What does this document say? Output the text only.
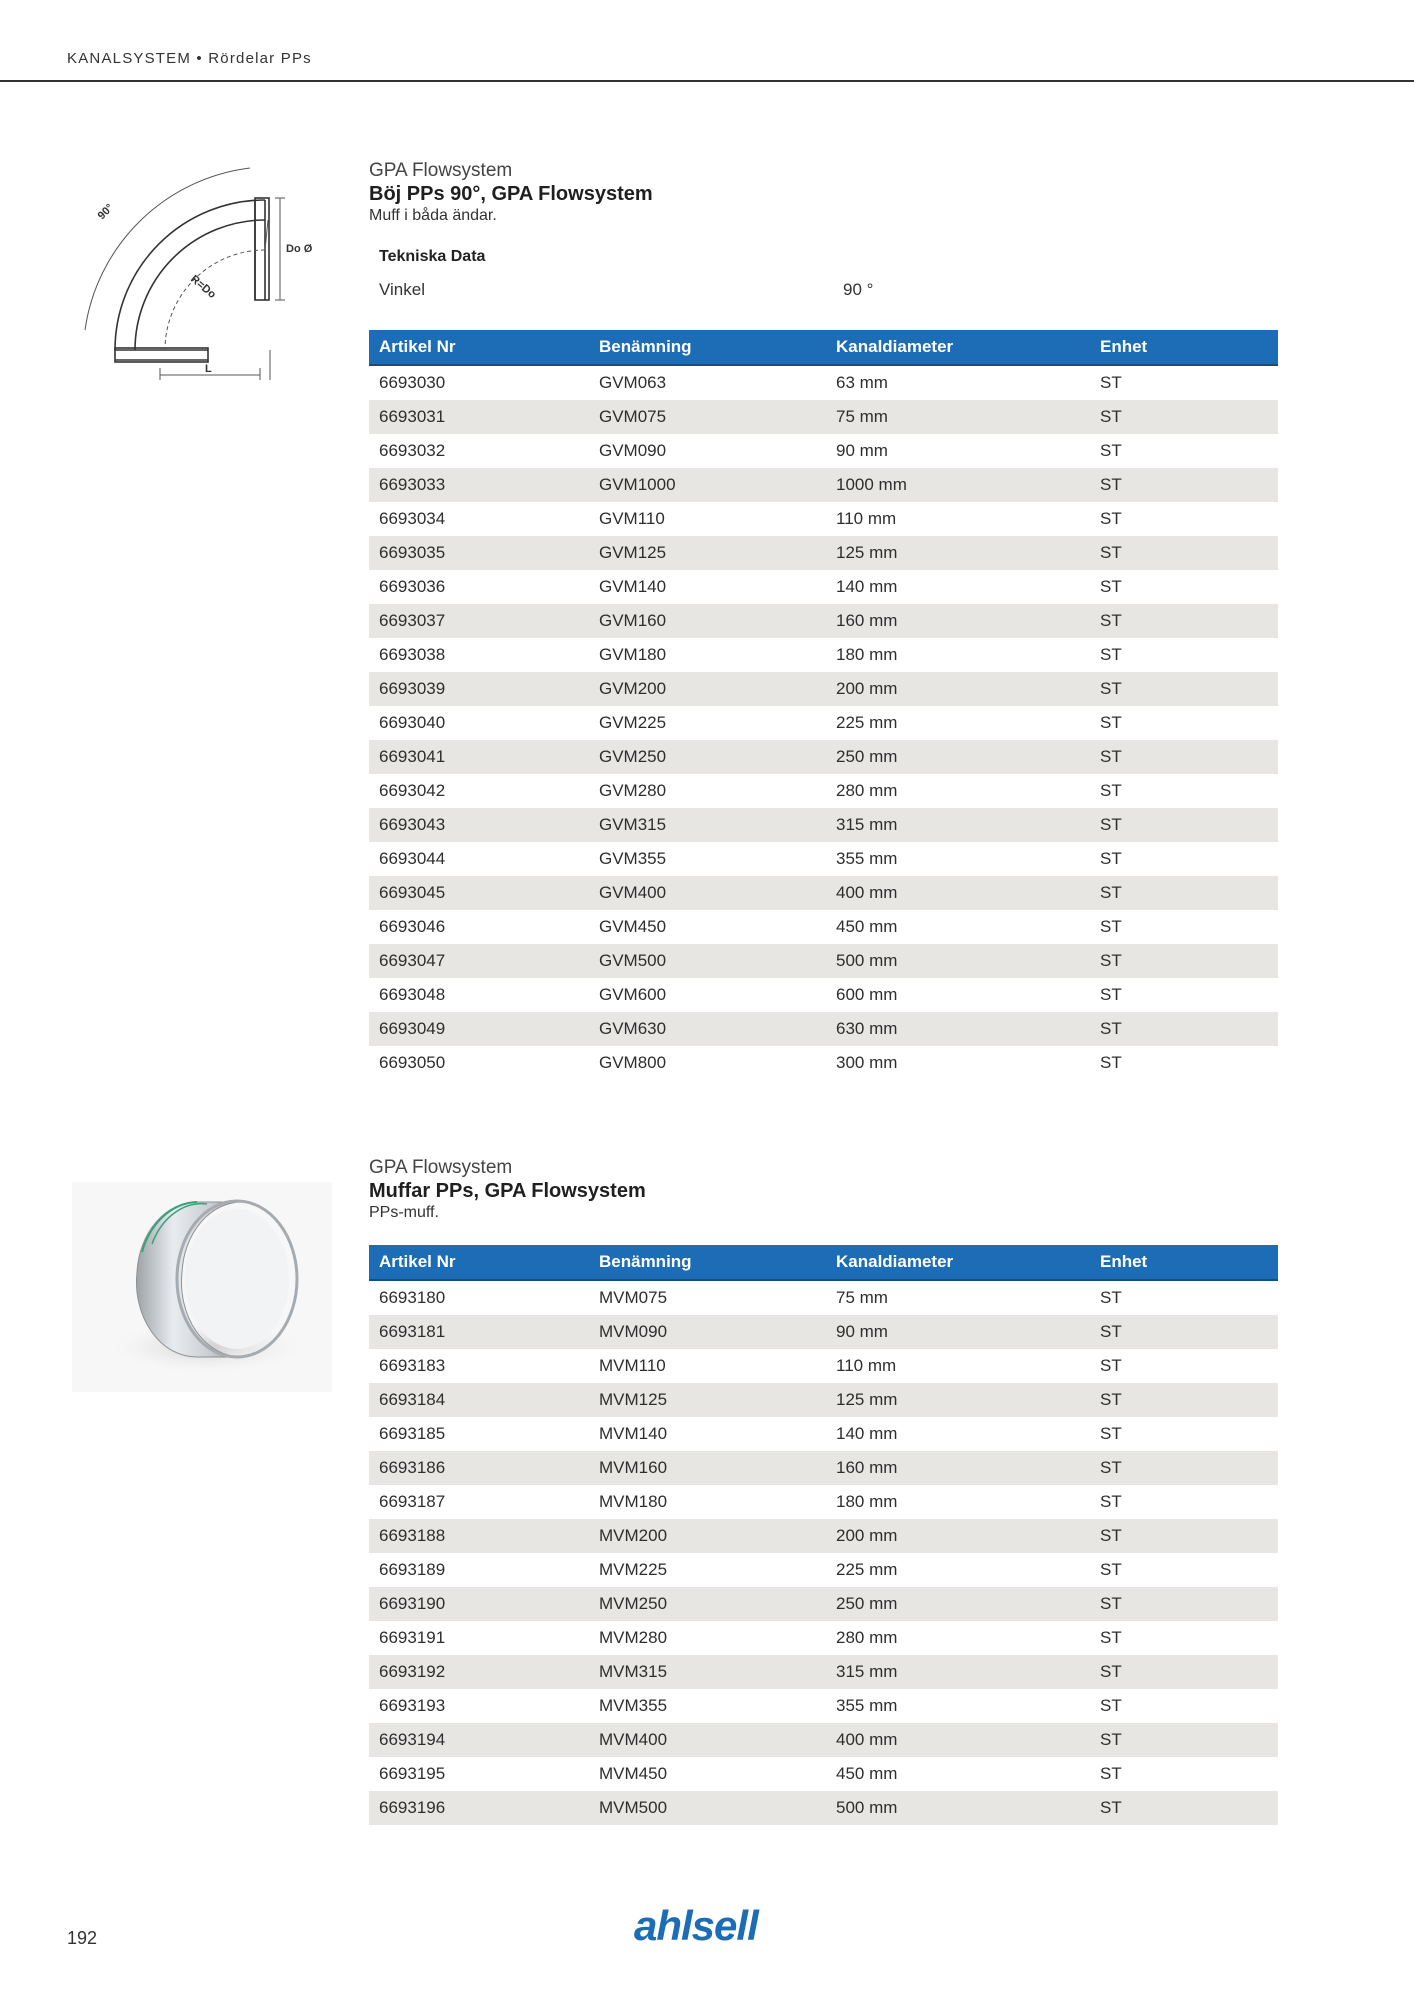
KANALSYSTEM • Rördelar PPs
90°
Do Ø
R=Do
L
GPA Flowsystem
Böj PPs 90°, GPA Flowsystem
Muff i båda ändar.
Tekniska Data
Vinkel	90 °
Artikel Nr	Benämning	Kanaldiameter	Enhet
6693030	GVM063	63 mm	ST
6693031	GVM075	75 mm	ST
6693032	GVM090	90 mm	ST
6693033	GVM1000	1000 mm	ST
6693034	GVM110	110 mm	ST
6693035	GVM125	125 mm	ST
6693036	GVM140	140 mm	ST
6693037	GVM160	160 mm	ST
6693038	GVM180	180 mm	ST
6693039	GVM200	200 mm	ST
6693040	GVM225	225 mm	ST
6693041	GVM250	250 mm	ST
6693042	GVM280	280 mm	ST
6693043	GVM315	315 mm	ST
6693044	GVM355	355 mm	ST
6693045	GVM400	400 mm	ST
6693046	GVM450	450 mm	ST
6693047	GVM500	500 mm	ST
6693048	GVM600	600 mm	ST
6693049	GVM630	630 mm	ST
6693050	GVM800	300 mm	ST
GPA Flowsystem
Muffar PPs, GPA Flowsystem
PPs-muff.
Artikel Nr	Benämning	Kanaldiameter	Enhet
6693180	MVM075	75 mm	ST
6693181	MVM090	90 mm	ST
6693183	MVM110	110 mm	ST
6693184	MVM125	125 mm	ST
6693185	MVM140	140 mm	ST
6693186	MVM160	160 mm	ST
6693187	MVM180	180 mm	ST
6693188	MVM200	200 mm	ST
6693189	MVM225	225 mm	ST
6693190	MVM250	250 mm	ST
6693191	MVM280	280 mm	ST
6693192	MVM315	315 mm	ST
6693193	MVM355	355 mm	ST
6693194	MVM400	400 mm	ST
6693195	MVM450	450 mm	ST
6693196	MVM500	500 mm	ST
192	ahlsell
